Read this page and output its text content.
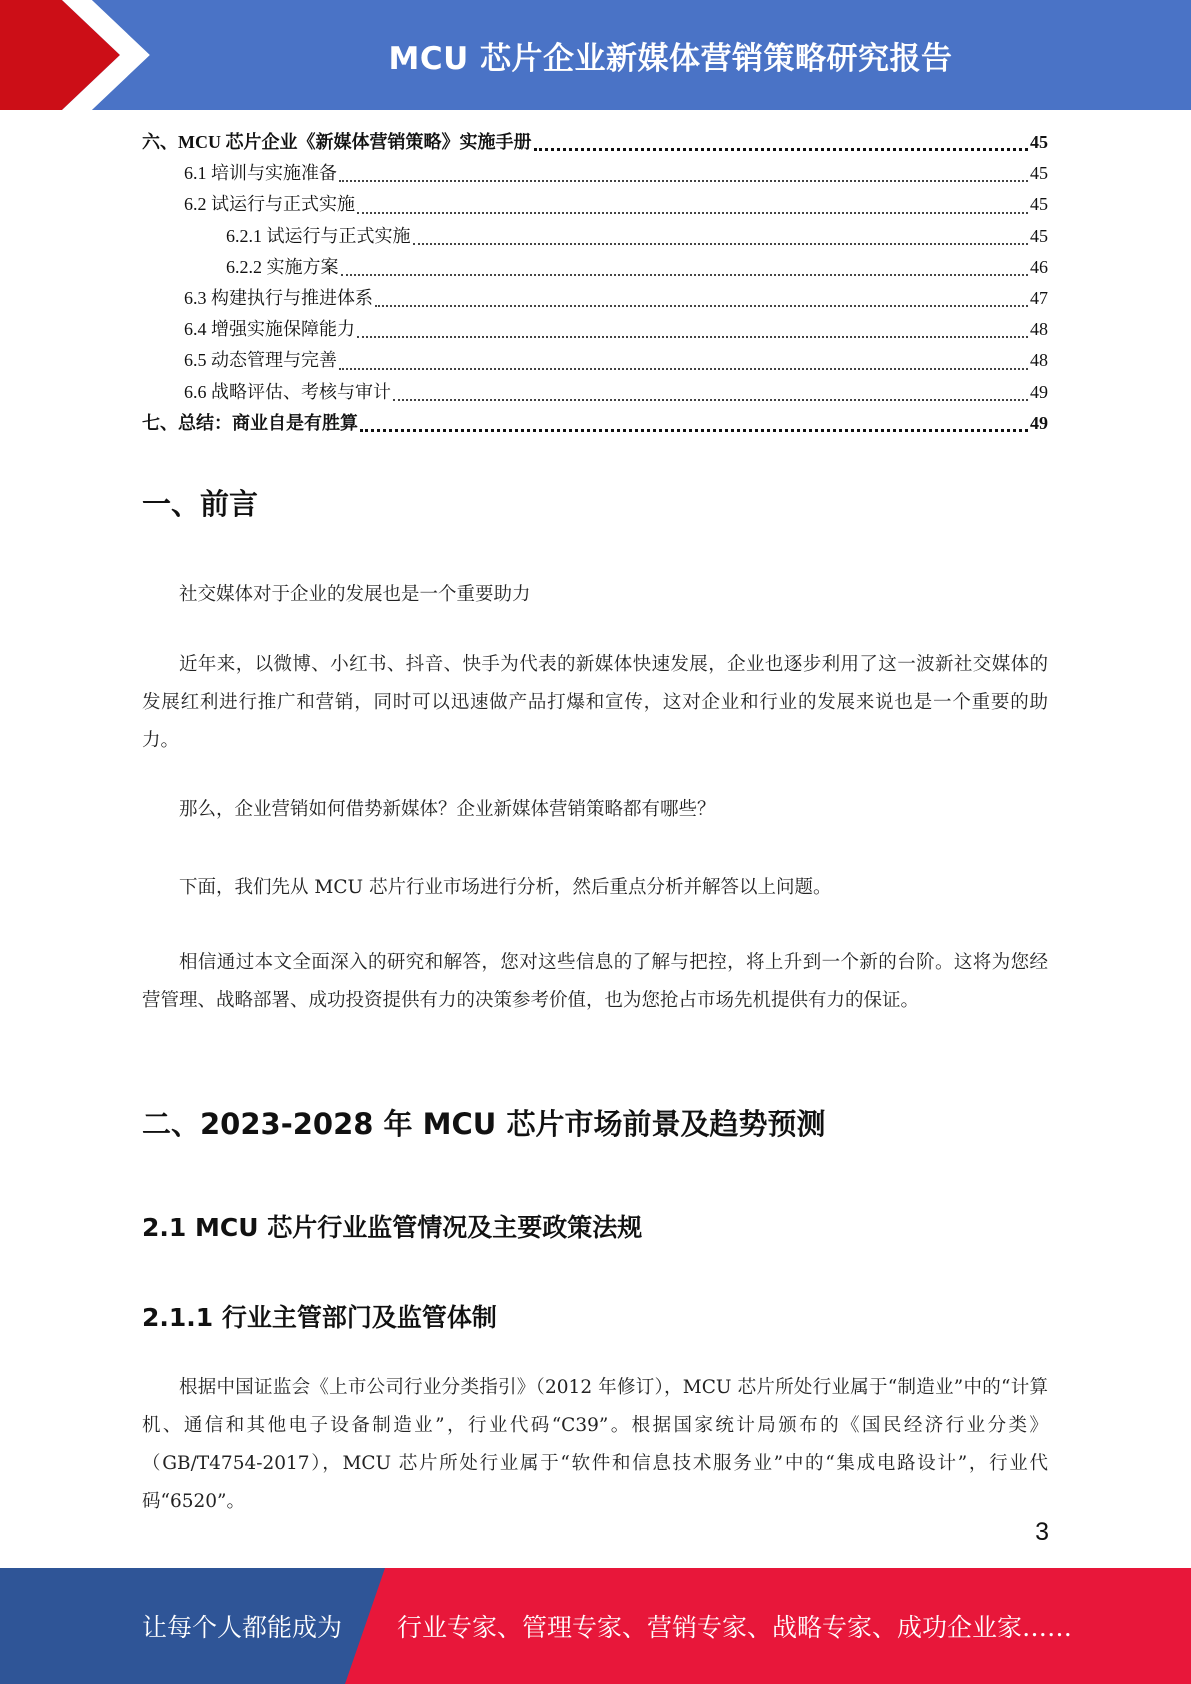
MCU 芯片企业新媒体营销策略研究报告
六、MCU 芯片企业《新媒体营销策略》实施手册	45
6.1 培训与实施准备	45
6.2 试运行与正式实施	45
6.2.1 试运行与正式实施	45
6.2.2 实施方案	46
6.3 构建执行与推进体系	47
6.4 增强实施保障能力	48
6.5 动态管理与完善	48
6.6 战略评估、考核与审计	49
七、总结：商业自是有胜算	49
一、前言
社交媒体对于企业的发展也是一个重要助力
近年来，以微博、小红书、抖音、快手为代表的新媒体快速发展，企业也逐步利用了这一波新社交媒体的发展红利进行推广和营销，同时可以迅速做产品打爆和宣传，这对企业和行业的发展来说也是一个重要的助力。
那么，企业营销如何借势新媒体？企业新媒体营销策略都有哪些？
下面，我们先从 MCU 芯片行业市场进行分析，然后重点分析并解答以上问题。
相信通过本文全面深入的研究和解答，您对这些信息的了解与把控，将上升到一个新的台阶。这将为您经营管理、战略部署、成功投资提供有力的决策参考价值，也为您抢占市场先机提供有力的保证。
二、2023-2028 年 MCU 芯片市场前景及趋势预测
2.1 MCU 芯片行业监管情况及主要政策法规
2.1.1 行业主管部门及监管体制
根据中国证监会《上市公司行业分类指引》（2012 年修订），MCU 芯片所处行业属于“制造业”中的“计算机、通信和其他电子设备制造业”，行业代码“C39”。根据国家统计局颁布的《国民经济行业分类》（GB/T4754-2017），MCU 芯片所处行业属于“软件和信息技术服务业”中的“集成电路设计”，行业代码“6520”。
3
让每个人都能成为 行业专家、管理专家、营销专家、战略专家、成功企业家……
